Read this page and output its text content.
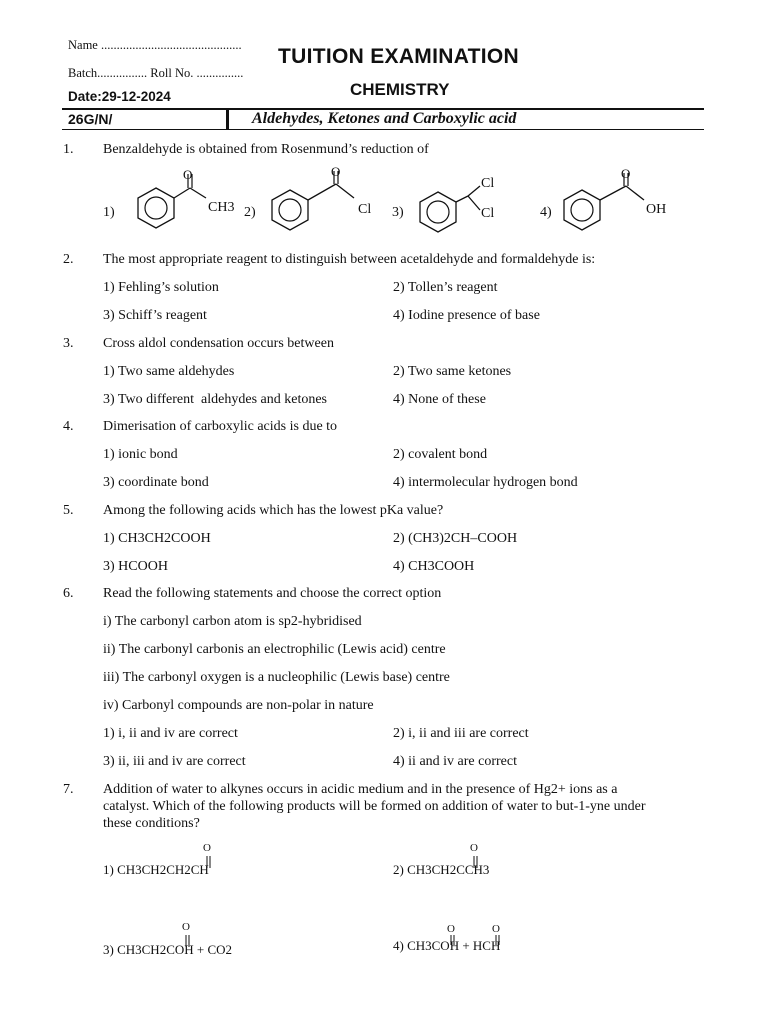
Name .............................................
Batch................ Roll No. ...............
Date:29-12-2024
TUITION EXAMINATION
CHEMISTRY
26G/N/	Aldehydes, Ketones and Carboxylic acid
1. Benzaldehyde is obtained from Rosenmund’s reduction of
1)
O
CH3 2)
O
Cl 3)
Cl
Cl	4)
O
OH
2. The most appropriate reagent to distinguish between acetaldehyde and formaldehyde is:
1) Fehling’s solution	2) Tollen’s reagent
3) Schiff’s reagent	4) Iodine presence of base
3. Cross aldol condensation occurs between
1) Two same aldehydes	2) Two same ketones
3) Two different  aldehydes and ketones	4) None of these
4. Dimerisation of carboxylic acids is due to
1) ionic bond	2) covalent bond
3) coordinate bond	4) intermolecular hydrogen bond
5. Among the following acids which has the lowest pKa value?
1) CH3CH2COOH	2) (CH3)2CH–COOH
3) HCOOH	4) CH3COOH
6. Read the following statements and choose the correct option
i) The carbonyl carbon atom is sp2-hybridised
ii) The carbonyl carbonis an electrophilic (Lewis acid) centre
iii) The carbonyl oxygen is a nucleophilic (Lewis base) centre
iv) Carbonyl compounds are non-polar in nature
1) i, ii and iv are correct	2) i, ii and iii are correct
3) ii, iii and iv are correct	4) ii and iv are correct
7. Addition of water to alkynes occurs in acidic medium and in the presence of Hg2+ ions as a
catalyst. Which of the following products will be formed on addition of water to but-1-yne under
these conditions?
1) CH3CH2CH2CH
O
2) CH3CH2CCH3
O
3) CH3CH2COH + CO2
O
4) CH3COH + HCH
O	O
